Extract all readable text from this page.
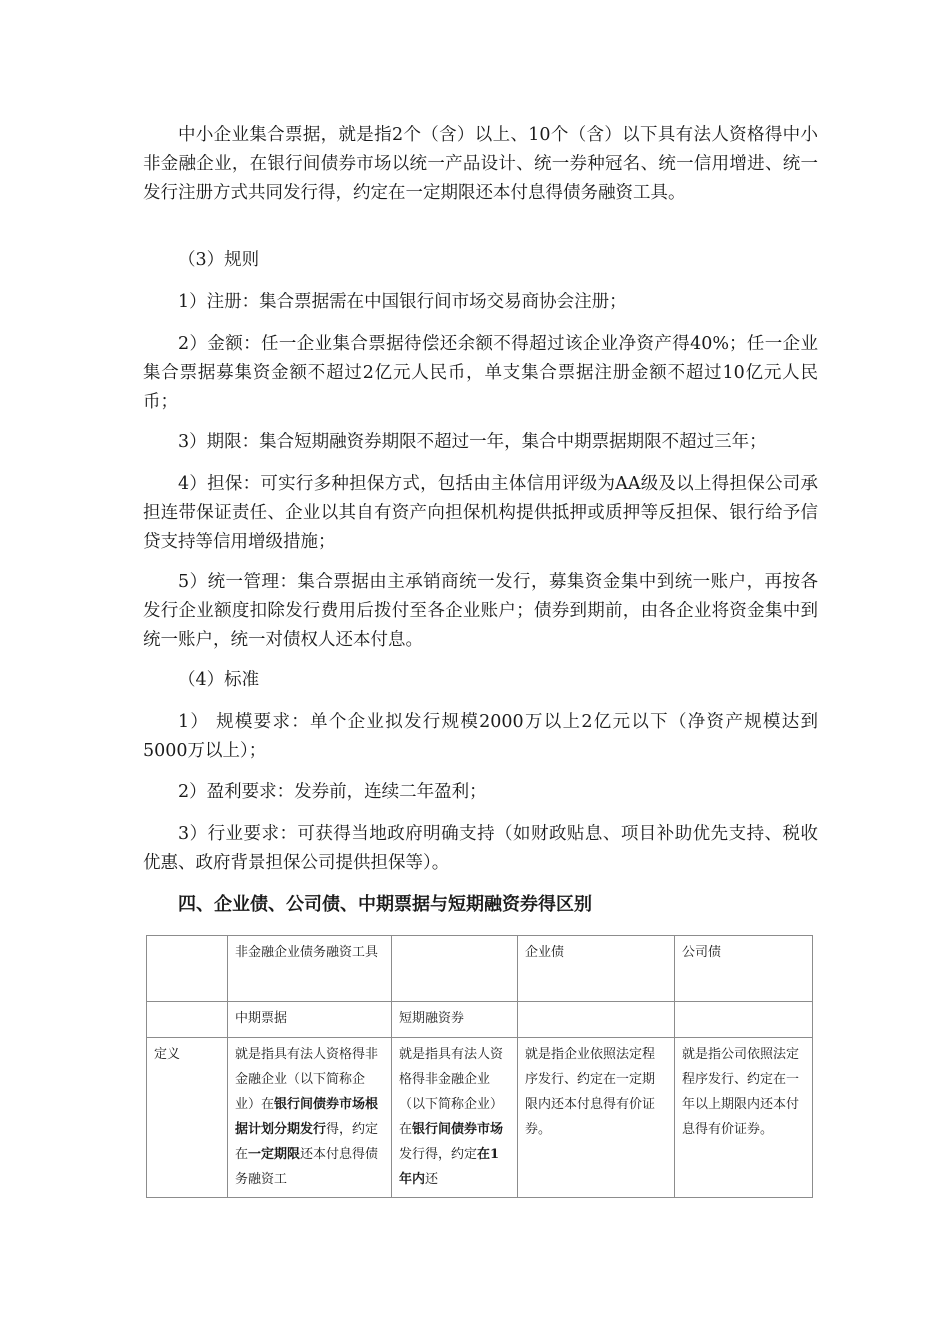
中小企业集合票据，就是指2个（含）以上、10个（含）以下具有法人资格得中小非金融企业，在银行间债券市场以统一产品设计、统一券种冠名、统一信用增进、统一发行注册方式共同发行得，约定在一定期限还本付息得债务融资工具。

（3）规则

1）注册：集合票据需在中国银行间市场交易商协会注册；

2）金额：任一企业集合票据待偿还余额不得超过该企业净资产得40%；任一企业集合票据募集资金额不超过2亿元人民币，单支集合票据注册金额不超过10亿元人民币；

3）期限：集合短期融资券期限不超过一年，集合中期票据期限不超过三年；

4）担保：可实行多种担保方式，包括由主体信用评级为AA级及以上得担保公司承担连带保证责任、企业以其自有资产向担保机构提供抵押或质押等反担保、银行给予信贷支持等信用增级措施；

5）统一管理：集合票据由主承销商统一发行，募集资金集中到统一账户，再按各发行企业额度扣除发行费用后拨付至各企业账户；债券到期前，由各企业将资金集中到统一账户，统一对债权人还本付息。

（4）标准

1） 规模要求：单个企业拟发行规模2000万以上2亿元以下（净资产规模达到5000万以上）；

2）盈利要求：发券前，连续二年盈利；

3）行业要求：可获得当地政府明确支持（如财政贴息、项目补助优先支持、税收优惠、政府背景担保公司提供担保等）。

四、企业债、公司债、中期票据与短期融资券得区别

	非金融企业债务融资工具		企业债	公司债
	中期票据	短期融资券		
定义	就是指具有法人资格得非金融企业（以下简称企业）在银行间债券市场根据计划分期发行得，约定在一定期限还本付息得债务融资工	就是指具有法人资格得非金融企业（以下简称企业）在银行间债券市场发行得，约定在1年内还	就是指企业依照法定程序发行、约定在一定期限内还本付息得有价证券。	就是指公司依照法定程序发行、约定在一年以上期限内还本付息得有价证券。
